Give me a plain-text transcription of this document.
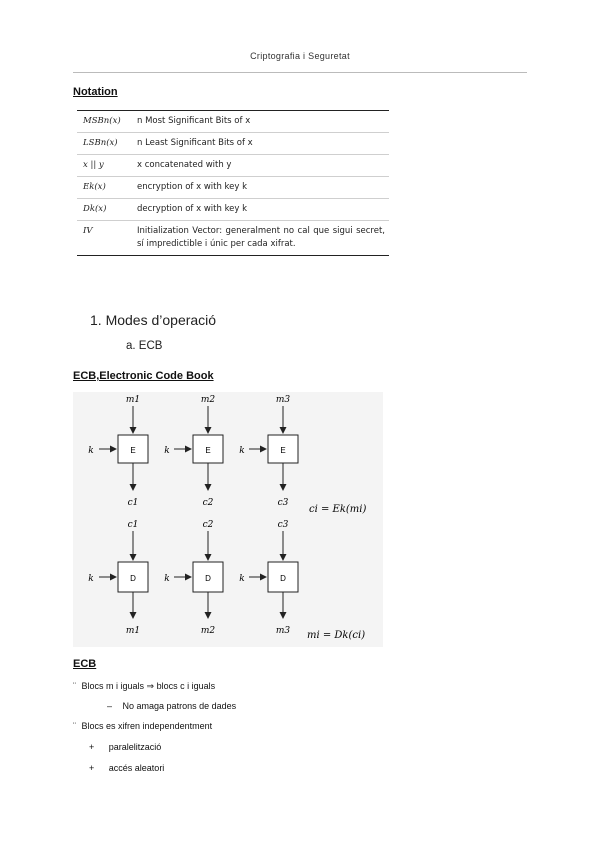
Criptografia i Seguretat
Notation
MSBn(x)	n Most Significant Bits of x
LSBn(x)	n Least Significant Bits of x
x || y	x concatenated with y
Ek(x)	encryption of x with key k
Dk(x)	decryption of x with key k
IV	Initialization Vector: generalment no cal que sigui secret, sí impredictible i únic per cada xifrat.
1. Modes d’operació
a. ECB
ECB,Electronic Code Book
m1
E
k
c1
m2
E
k
c2
m3
E
k
c3
ci = Ek(mi)
c1
D
k
m1
c2
D
k
m2
c3
D
k
m3 mi = Dk(ci)
ECB
¨ Blocs m i iguals ⇒ blocs c i iguals
– No amaga patrons de dades
¨ Blocs es xifren independentment
+ paralelització
+ accés aleatori
